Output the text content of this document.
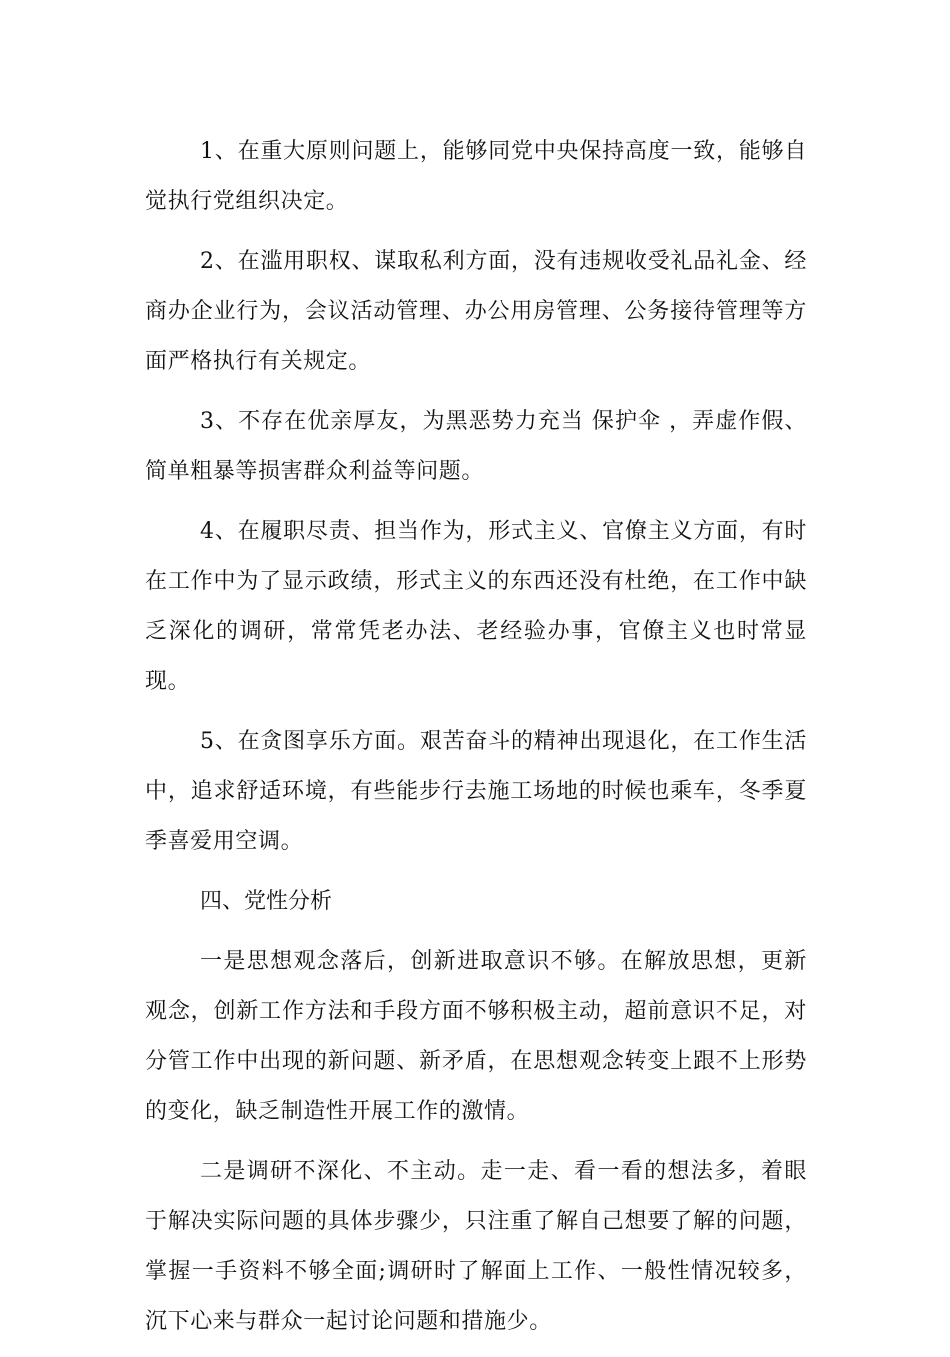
1、在重大原则问题上，能够同党中央保持高度一致，能够自觉执行党组织决定。

2、在滥用职权、谋取私利方面，没有违规收受礼品礼金、经商办企业行为，会议活动管理、办公用房管理、公务接待管理等方面严格执行有关规定。

3、不存在优亲厚友，为黑恶势力充当 保护伞 ，弄虚作假、简单粗暴等损害群众利益等问题。

4、在履职尽责、担当作为，形式主义、官僚主义方面，有时在工作中为了显示政绩，形式主义的东西还没有杜绝，在工作中缺乏深化的调研，常常凭老办法、老经验办事，官僚主义也时常显现。

5、在贪图享乐方面。艰苦奋斗的精神出现退化，在工作生活中，追求舒适环境，有些能步行去施工场地的时候也乘车，冬季夏季喜爱用空调。

四、党性分析

一是思想观念落后，创新进取意识不够。在解放思想，更新观念，创新工作方法和手段方面不够积极主动，超前意识不足，对分管工作中出现的新问题、新矛盾，在思想观念转变上跟不上形势的变化，缺乏制造性开展工作的激情。

二是调研不深化、不主动。走一走、看一看的想法多，着眼于解决实际问题的具体步骤少，只注重了解自己想要了解的问题，掌握一手资料不够全面;调研时了解面上工作、一般性情况较多，沉下心来与群众一起讨论问题和措施少。
